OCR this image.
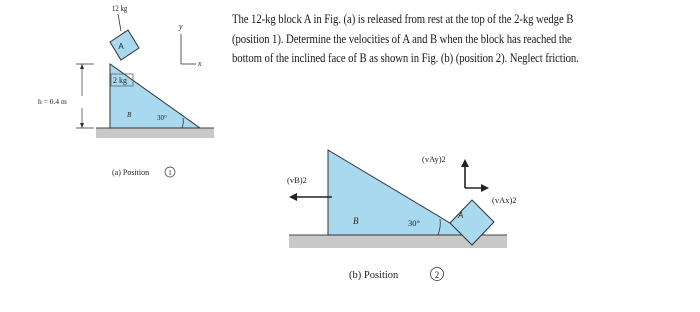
The 12-kg block A in Fig. (a) is released from rest at the top of the 2-kg wedge B
(position 1). Determine the velocities of A and B when the block has reached the
bottom of the inclined face of B as shown in Fig. (b) (position 2). Neglect friction.
A
12 kg
2 kg
B	30°
h = 0.4 m
y
x
(a) Position	1
B	30°
A
(vB)2
(vAy)2
(vAx)2
(b) Position	2
